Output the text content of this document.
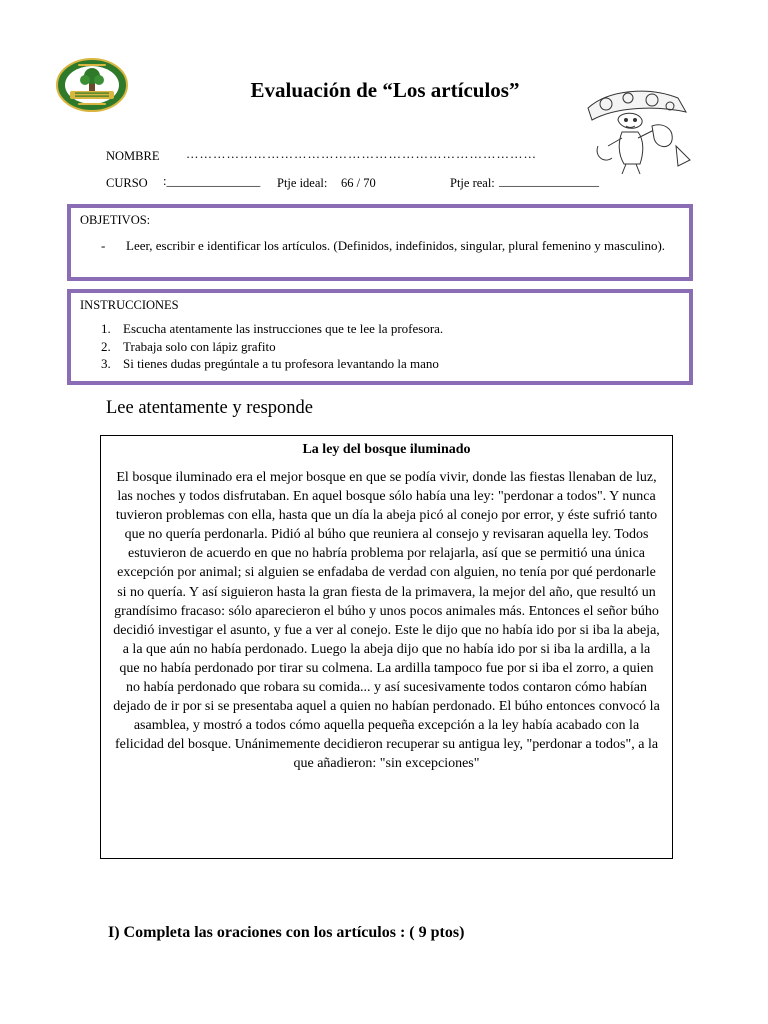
Evaluación de “Los artículos”
NOMBRE ……………………………………………………………………
CURSO :_______________ Ptje ideal: 66 / 70	Ptje real: ________________
OBJETIVOS:
- Leer, escribir e identificar los artículos. (Definidos, indefinidos, singular, plural femenino y masculino).
INSTRUCCIONES
1. Escucha atentamente las instrucciones que te lee la profesora.
2. Trabaja solo con lápiz grafito
3. Si tienes dudas pregúntale a tu profesora levantando la mano
Lee atentamente y responde
La ley del bosque iluminado
El bosque iluminado era el mejor bosque en que se podía vivir, donde las fiestas llenaban de luz, las noches y todos disfrutaban. En aquel bosque sólo había una ley: "perdonar a todos". Y nunca tuvieron problemas con ella, hasta que un día la abeja picó al conejo por error, y éste sufrió tanto que no quería perdonarla. Pidió al búho que reuniera al consejo y revisaran aquella ley. Todos estuvieron de acuerdo en que no habría problema por relajarla, así que se permitió una única excepción por animal; si alguien se enfadaba de verdad con alguien, no tenía por qué perdonarle si no quería. Y así siguieron hasta la gran fiesta de la primavera, la mejor del año, que resultó un grandísimo fracaso: sólo aparecieron el búho y unos pocos animales más. Entonces el señor búho decidió investigar el asunto, y fue a ver al conejo. Este le dijo que no había ido por si iba la abeja, a la que aún no había perdonado. Luego la abeja dijo que no había ido por si iba la ardilla, a la que no había perdonado por tirar su colmena. La ardilla tampoco fue por si iba el zorro, a quien no había perdonado que robara su comida... y así sucesivamente todos contaron cómo habían dejado de ir por si se presentaba aquel a quien no habían perdonado. El búho entonces convocó la asamblea, y mostró a todos cómo aquella pequeña excepción a la ley había acabado con la felicidad del bosque. Unánimemente decidieron recuperar su antigua ley, "perdonar a todos", a la que añadieron: "sin excepciones"
I) Completa las oraciones con los artículos : ( 9 ptos)
